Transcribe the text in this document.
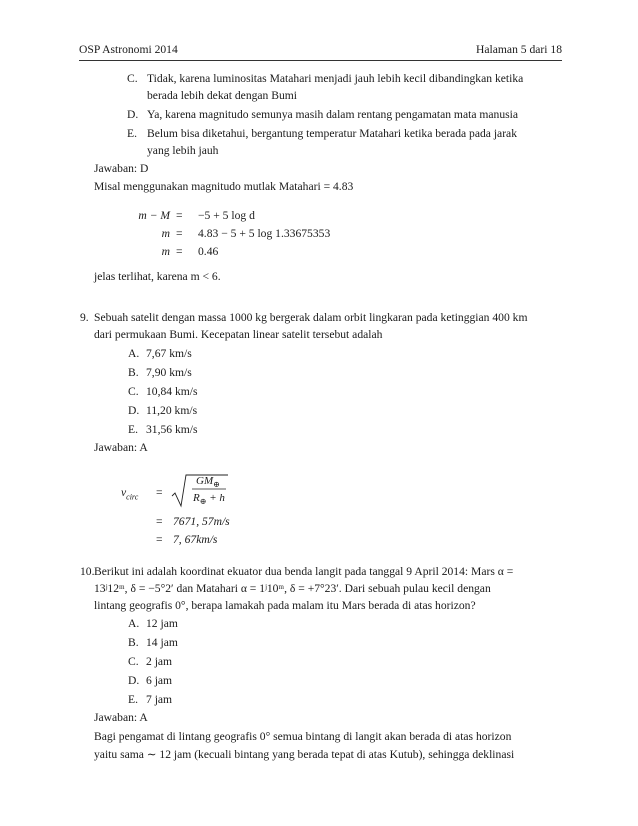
OSP Astronomi 2014	Halaman 5 dari 18
C. Tidak, karena luminositas Matahari menjadi jauh lebih kecil dibandingkan ketika
berada lebih dekat dengan Bumi
D. Ya, karena magnitudo semunya masih dalam rentang pengamatan mata manusia
E. Belum bisa diketahui, bergantung temperatur Matahari ketika berada pada jarak
yang lebih jauh
Jawaban: D
Misal menggunakan magnitudo mutlak Matahari = 4.83
m − M = −5 + 5 log d
m = 4.83 − 5 + 5 log 1.33675353
m = 0.46
jelas terlihat, karena m < 6.
9. Sebuah satelit dengan massa 1000 kg bergerak dalam orbit lingkaran pada ketinggian 400 km
dari permukaan Bumi. Kecepatan linear satelit tersebut adalah
A. 7,67 km/s
B. 7,90 km/s
C. 10,84 km/s
D. 11,20 km/s
E. 31,56 km/s
Jawaban: A
$v_{circ}$ =
$GM_\oplus$
$R_\oplus + h$
= 7671, 57m/s
= 7, 67km/s
10. Berikut ini adalah koordinat ekuator dua benda langit pada tanggal 9 April 2014: Mars α =
13ʲ12ᵐ, δ = −5°2′ dan Matahari α = 1ʲ10ᵐ, δ = +7°23′. Dari sebuah pulau kecil dengan
lintang geografis 0°, berapa lamakah pada malam itu Mars berada di atas horizon?
A. 12 jam
B. 14 jam
C. 2 jam
D. 6 jam
E. 7 jam
Jawaban: A
Bagi pengamat di lintang geografis 0° semua bintang di langit akan berada di atas horizon
yaitu sama ∼ 12 jam (kecuali bintang yang berada tepat di atas Kutub), sehingga deklinasi
